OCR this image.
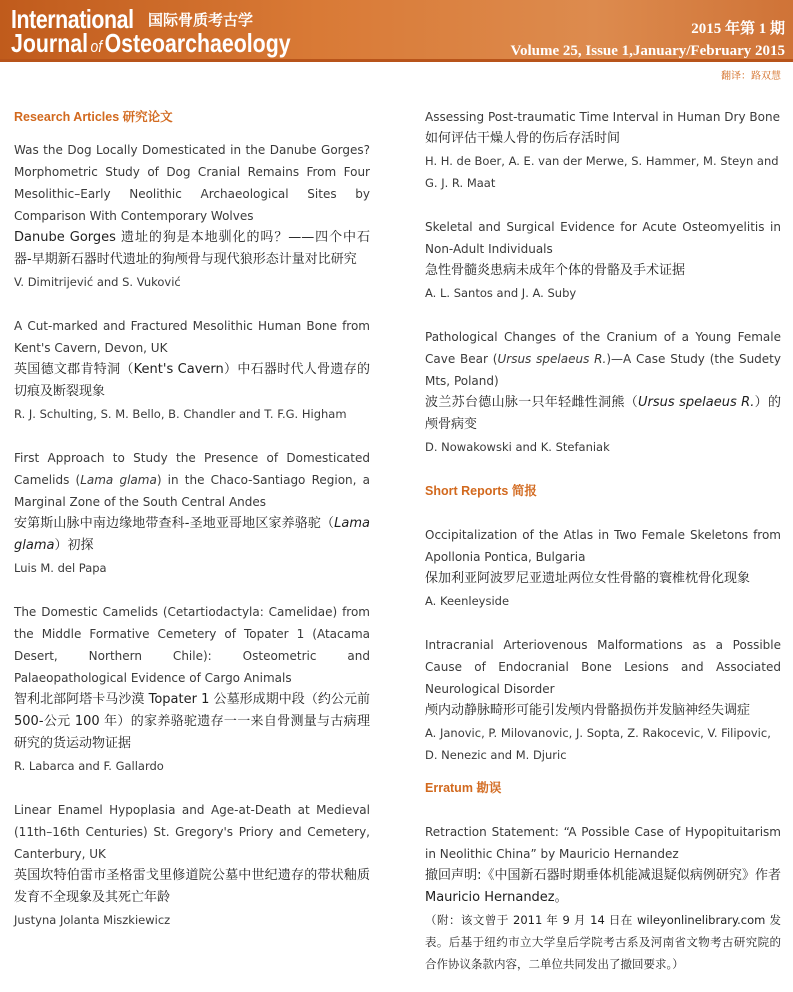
International 国际骨质考古学
Journal ofOsteoarchaeology	2015 年第 1 期
Volume 25, Issue 1,January/February 2015
翻译：路双慧

Research Articles 研究论文

Was the Dog Locally Domesticated in the Danube Gorges? Morphometric Study of Dog Cranial Remains From Four Mesolithic–Early Neolithic Archaeological Sites by Comparison With Contemporary Wolves

Danube Gorges 遗址的狗是本地驯化的吗？——四个中石器-早期新石器时代遗址的狗颅骨与现代狼形态计量对比研究

V. Dimitrijević and S. Vuković

A Cut-marked and Fractured Mesolithic Human Bone from Kent's Cavern, Devon, UK

英国德文郡肯特洞（Kent's Cavern）中石器时代人骨遗存的切痕及断裂现象

R. J. Schulting, S. M. Bello, B. Chandler and T. F.G. Higham

First Approach to Study the Presence of Domesticated Camelids (Lama glama) in the Chaco-Santiago Region, a Marginal Zone of the South Central Andes

安第斯山脉中南边缘地带查科-圣地亚哥地区家养骆驼（Lama glama）初探

Luis M. del Papa

The Domestic Camelids (Cetartiodactyla: Camelidae) from the Middle Formative Cemetery of Topater 1 (Atacama Desert, Northern Chile): Osteometric and Palaeopathological Evidence of Cargo Animals

智利北部阿塔卡马沙漠 Topater 1 公墓形成期中段（约公元前 500-公元 100 年）的家养骆驼遗存一一来自骨测量与古病理研究的货运动物证据

R. Labarca and F. Gallardo

Linear Enamel Hypoplasia and Age-at-Death at Medieval (11th–16th Centuries) St. Gregory's Priory and Cemetery, Canterbury, UK

英国坎特伯雷市圣格雷戈里修道院公墓中世纪遗存的带状釉质发育不全现象及其死亡年龄

Justyna Jolanta Miszkiewicz

Assessing Post-traumatic Time Interval in Human Dry Bone

如何评估干燥人骨的伤后存活时间

H. H. de Boer, A. E. van der Merwe, S. Hammer, M. Steyn and G. J. R. Maat

Skeletal and Surgical Evidence for Acute Osteomyelitis in Non-Adult Individuals

急性骨髓炎患病未成年个体的骨骼及手术证据

A. L. Santos and J. A. Suby

Pathological Changes of the Cranium of a Young Female Cave Bear (Ursus spelaeus R.)—A Case Study (the Sudety Mts, Poland)

波兰苏台德山脉一只年轻雌性洞熊（Ursus spelaeus R.）的颅骨病变

D. Nowakowski and K. Stefaniak

Short Reports 简报

Occipitalization of the Atlas in Two Female Skeletons from Apollonia Pontica, Bulgaria

保加利亚阿波罗尼亚遗址两位女性骨骼的寰椎枕骨化现象

A. Keenleyside

Intracranial Arteriovenous Malformations as a Possible Cause of Endocranial Bone Lesions and Associated Neurological Disorder

颅内动静脉畸形可能引发颅内骨骼损伤并发脑神经失调症

A. Janovic, P. Milovanovic, J. Sopta, Z. Rakocevic, V. Filipovic, D. Nenezic and M. Djuric

Erratum 勘误

Retraction Statement: “A Possible Case of Hypopituitarism in Neolithic China” by Mauricio Hernandez

撤回声明:《中国新石器时期垂体机能减退疑似病例研究》作者 Mauricio Hernandez。

（附：该文曾于 2011 年 9 月 14 日在 wileyonlinelibrary.com 发表。后基于纽约市立大学皇后学院考古系及河南省文物考古研究院的合作协议条款内容，二单位共同发出了撤回要求。）
